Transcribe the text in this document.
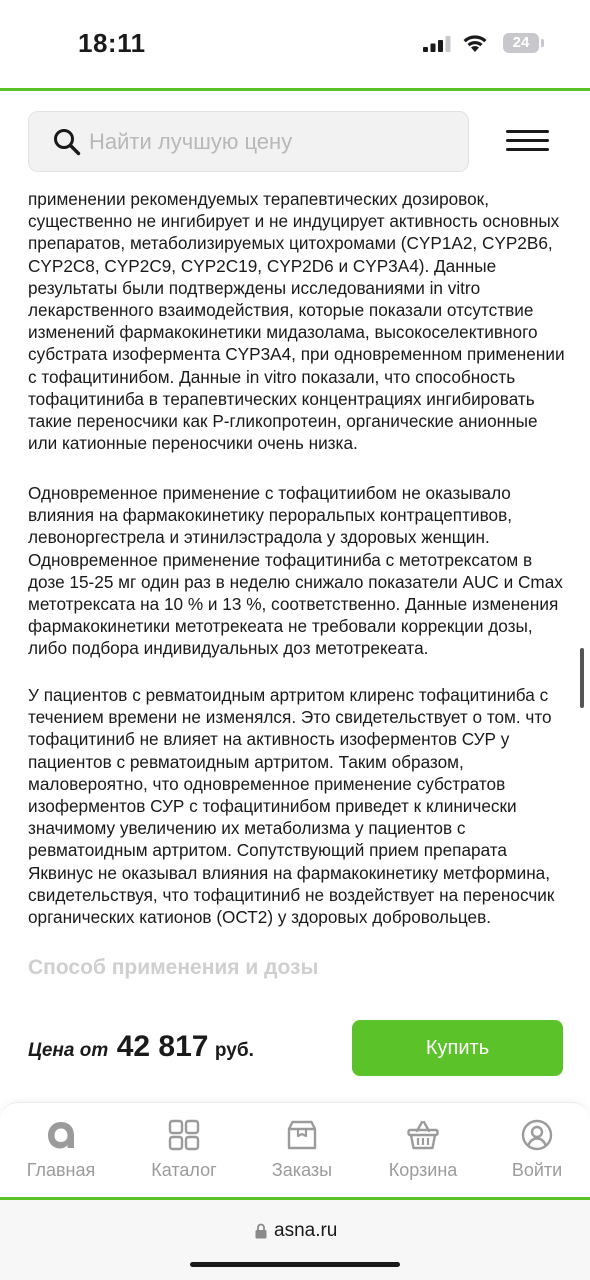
18:11	24
Найти лучшую цену

применении рекомендуемых терапевтических дозировок,
существенно не ингибирует и не индуцирует активность основных
препаратов, метаболизируемых цитохромами (CYP1A2, CYP2B6,
CYP2C8, CYP2C9, CYP2C19, CYP2D6 и CYP3A4). Данные
результаты были подтверждены исследованиями in vitro
лекарственного взаимодействия, которые показали отсутствие
изменений фармакокинетики мидазолама, высокоселективного
субстрата изофермента CYP3A4, при одновременном применении
с тофацитинибом. Данные in vitro показали, что способность
тофацитиниба в терапевтических концентрациях ингибировать
такие переносчики как P-гликопротеин, органические анионные
или катионные переносчики очень низка.

Одновременное применение с тофацитиибом не оказывало
влияния на фармакокинетику пероральпых контрацептивов,
левоноргестрела и этинилэстрадола у здоровых женщин.
Одновременное применение тофацитиниба с метотрексатом в
дозе 15-25 мг один раз в неделю снижало показатели AUC и Cmax
метотрексата на 10 % и 13 %, соответственно. Данные изменения
фармакокинетики метотрекеата не требовали коррекции дозы,
либо подбора индивидуальных доз метотрекеата.

У пациентов с ревматоидным артритом клиренс тофацитиниба с
течением времени не изменялся. Это свидетельствует о том. что
тофацитиниб не влияет на активность изоферментов СУР у
пациентов с ревматоидным артритом. Таким образом,
маловероятно, что одновременное применение субстратов
изоферментов СУР с тофацитинибом приведет к клинически
значимому увеличению их метаболизма у пациентов с
ревматоидным артритом. Сопутствующий прием препарата
Яквинус не оказывал влияния на фармакокинетику метформина,
свидетельствуя, что тофацитиниб не воздействует на переносчик
органических катионов (ОСТ2) у здоровых добровольцев.

Способ применения и дозы
Цена от 42 817 руб.	Купить
Главная	Каталог	Заказы	Корзина	Войти
asna.ru
